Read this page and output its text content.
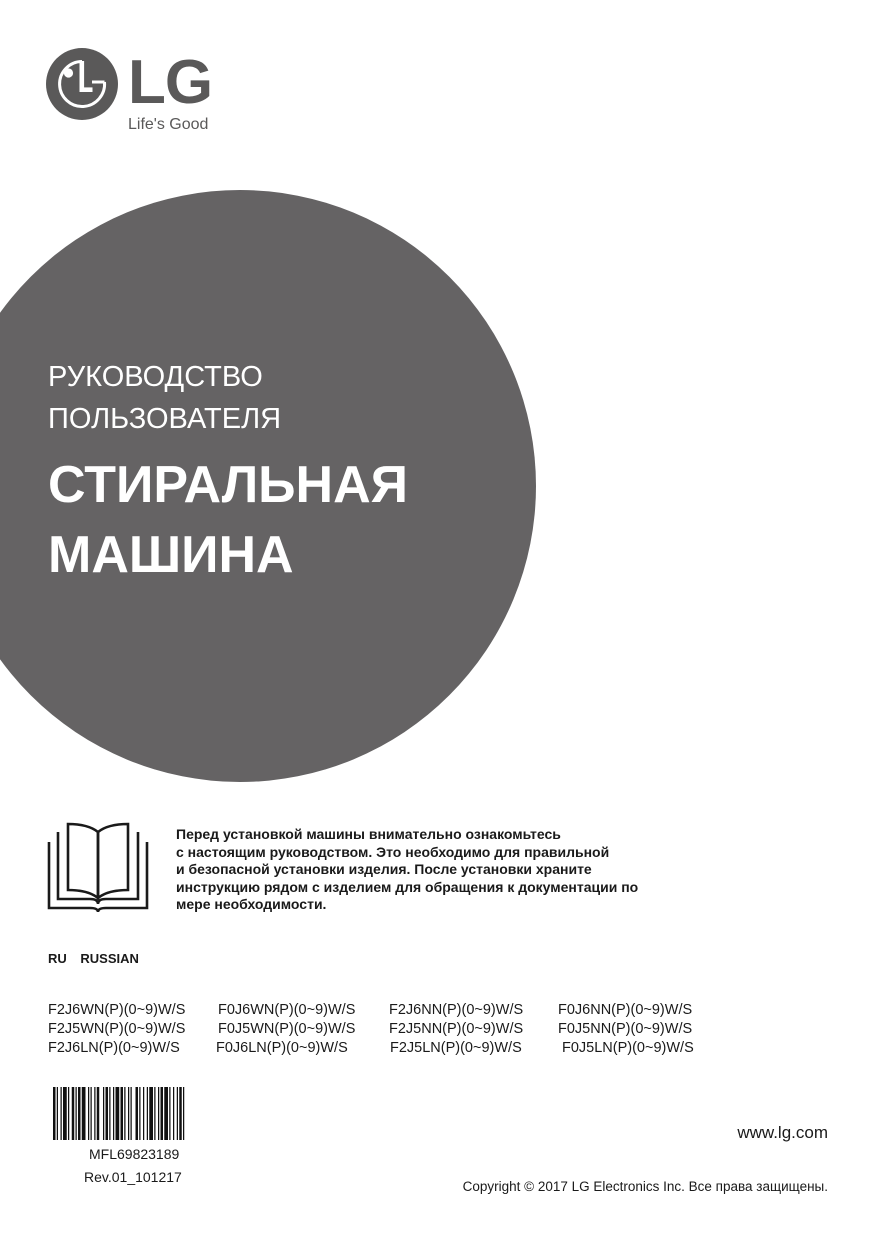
LG
Life's Good
РУКОВОДСТВО
ПОЛЬЗОВАТЕЛЯ
СТИРАЛЬНАЯ
МАШИНА
Перед установкой машины внимательно ознакомьтесь
с настоящим руководством. Это необходимо для правильной
и безопасной установки изделия. После установки храните
инструкцию рядом с изделием для обращения к документации по
мере необходимости.
RU RUSSIAN
F2J6WN(P)(0~9)W/S F0J6WN(P)(0~9)W/S F2J6NN(P)(0~9)W/S F0J6NN(P)(0~9)W/S
F2J5WN(P)(0~9)W/S F0J5WN(P)(0~9)W/S F2J5NN(P)(0~9)W/S F0J5NN(P)(0~9)W/S
F2J6LN(P)(0~9)W/S	F0J6LN(P)(0~9)W/S	F2J5LN(P)(0~9)W/S	F0J5LN(P)(0~9)W/S
MFL69823189
Rev.01_101217
www.lg.com
Copyright © 2017 LG Electronics Inc. Все права защищены.
